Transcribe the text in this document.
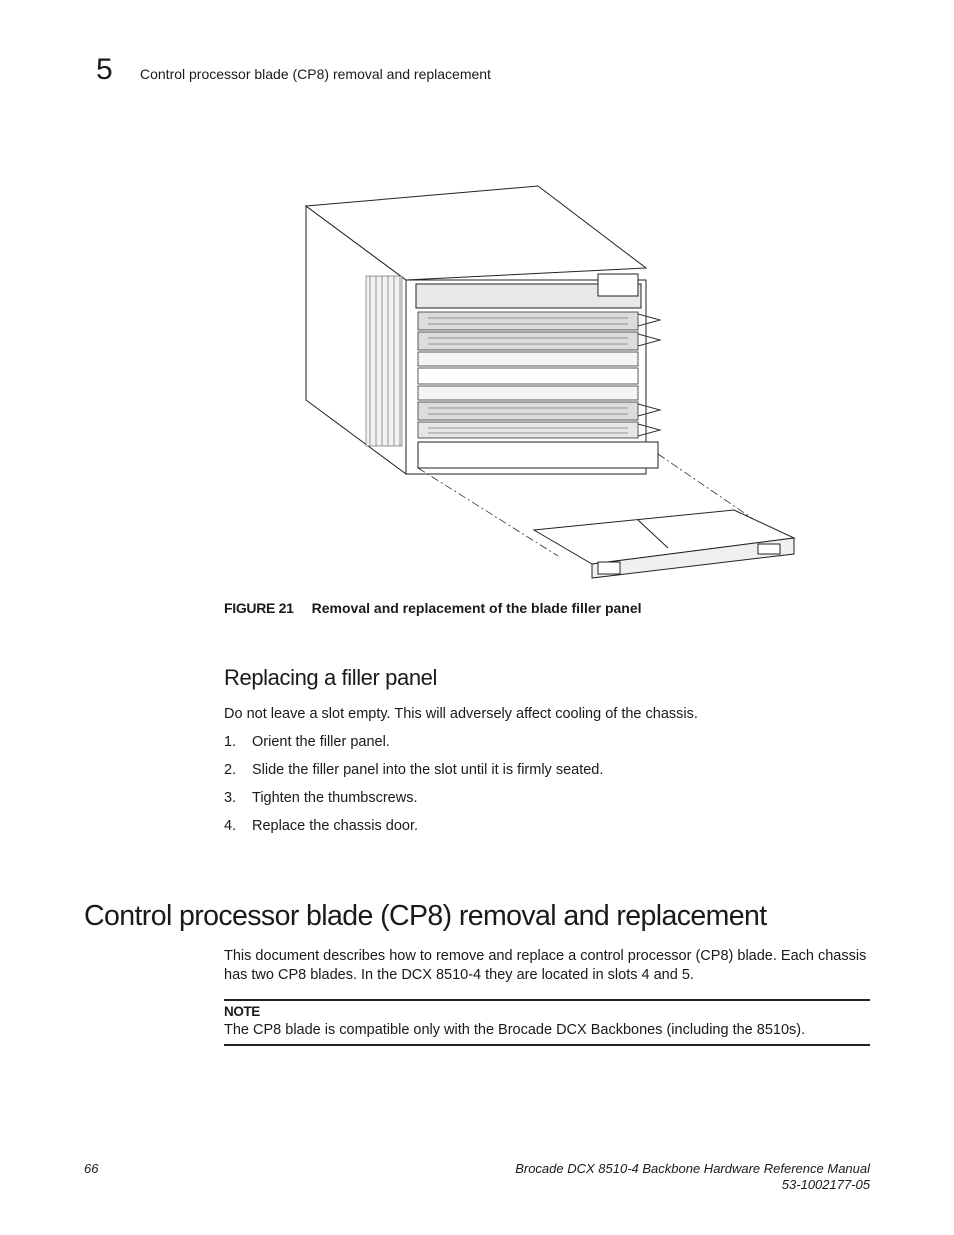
5 Control processor blade (CP8) removal and replacement
FIGURE 21 Removal and replacement of the blade filler panel
Replacing a filler panel
Do not leave a slot empty. This will adversely affect cooling of the chassis.
1. Orient the filler panel.
2. Slide the filler panel into the slot until it is firmly seated.
3. Tighten the thumbscrews.
4. Replace the chassis door.
Control processor blade (CP8) removal and replacement
This document describes how to remove and replace a control processor (CP8) blade. Each chassis has two CP8 blades. In the DCX 8510-4 they are located in slots 4 and 5.
NOTE
The CP8 blade is compatible only with the Brocade DCX Backbones (including the 8510s).
66	Brocade DCX 8510-4 Backbone Hardware Reference Manual
53-1002177-05
